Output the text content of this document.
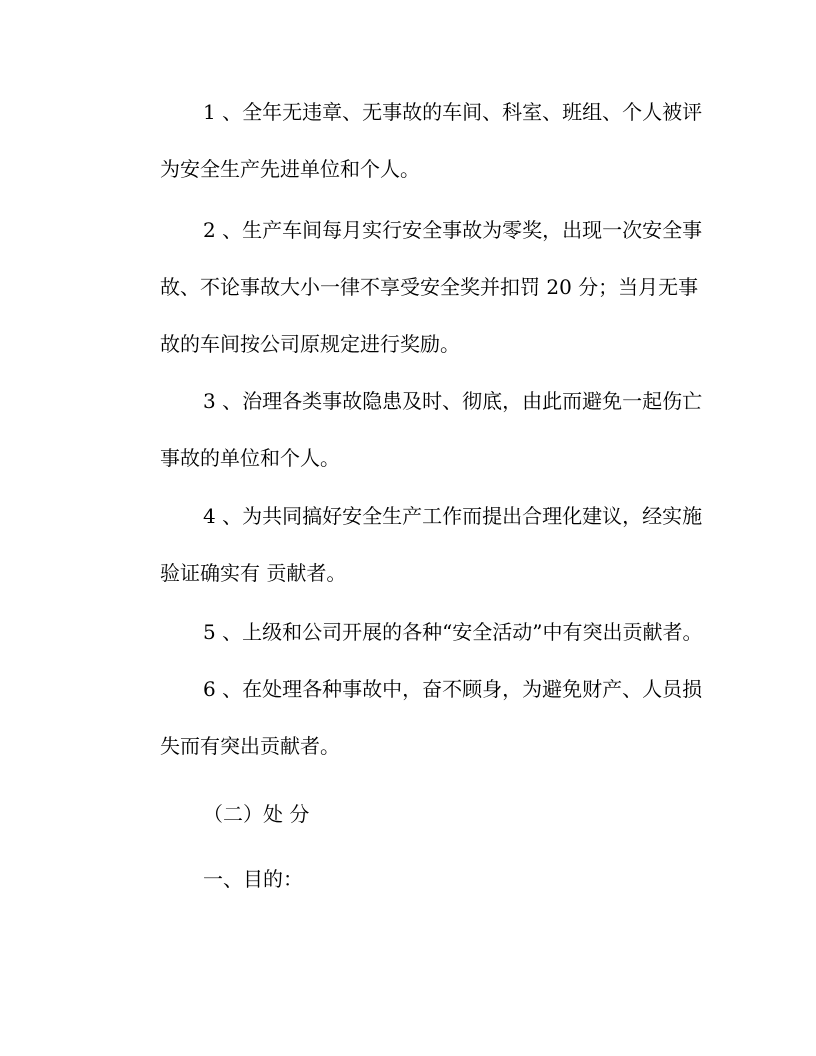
1 、全年无违章、无事故的车间、科室、班组、个人被评
为安全生产先进单位和个人。
2 、生产车间每月实行安全事故为零奖，出现一次安全事
故、不论事故大小一律不享受安全奖并扣罚 20 分；当月无事
故的车间按公司原规定进行奖励。
3 、治理各类事故隐患及时、彻底，由此而避免一起伤亡
事故的单位和个人。
4 、为共同搞好安全生产工作而提出合理化建议，经实施
验证确实有 贡献者。
5 、上级和公司开展的各种“安全活动”中有突出贡献者。
6 、在处理各种事故中，奋不顾身，为避免财产、人员损
失而有突出贡献者。
（二）处 分
一、目的：
